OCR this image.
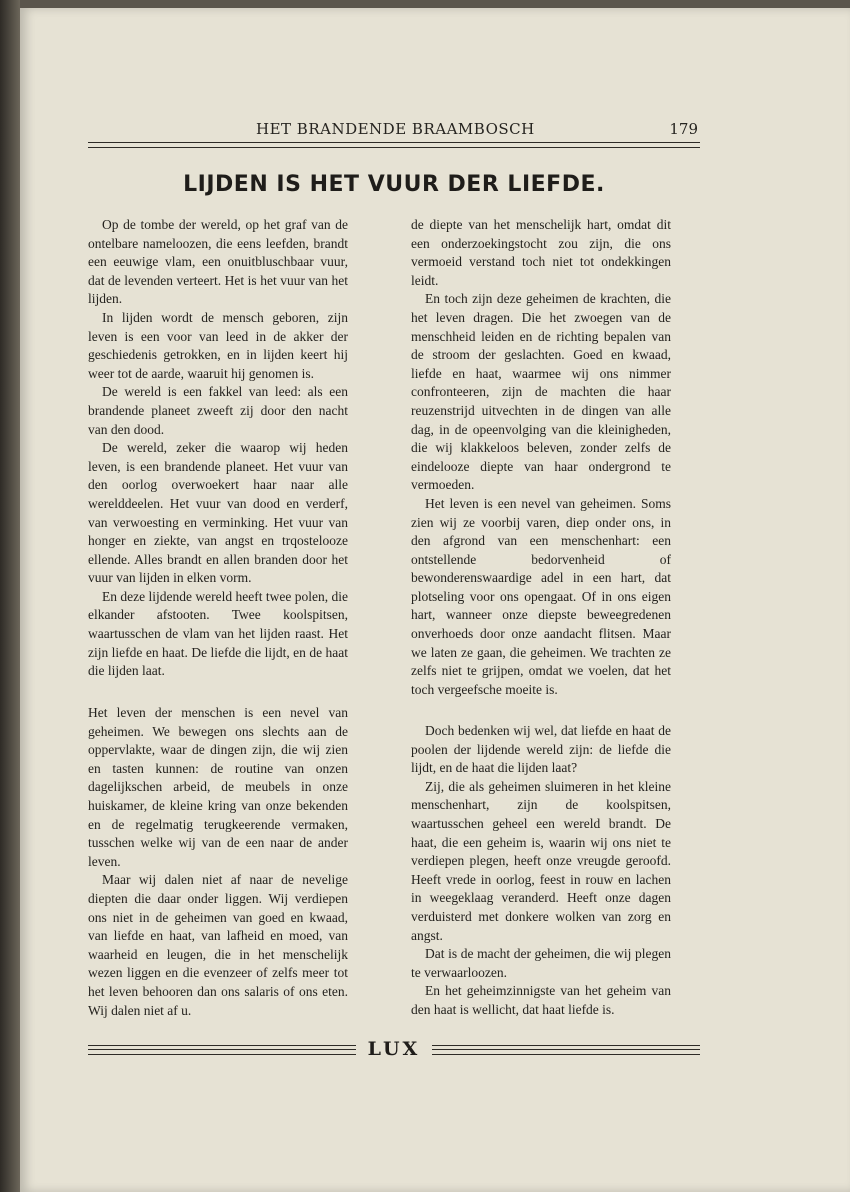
HET BRANDENDE BRAAMBOSCH	179
LIJDEN IS HET VUUR DER LIEFDE.

Op de tombe der wereld, op het graf van de ontelbare nameloozen, die eens leefden, brandt een eeuwige vlam, een onuitbluschbaar vuur, dat de levenden verteert. Het is het vuur van het lijden.

In lijden wordt de mensch geboren, zijn leven is een voor van leed in de akker der geschiedenis getrokken, en in lijden keert hij weer tot de aarde, waaruit hij genomen is.

De wereld is een fakkel van leed: als een brandende planeet zweeft zij door den nacht van den dood.

De wereld, zeker die waarop wij heden leven, is een brandende planeet. Het vuur van den oorlog overwoekert haar naar alle werelddeelen. Het vuur van dood en verderf, van verwoesting en verminking. Het vuur van honger en ziekte, van angst en trqostelooze ellende. Alles brandt en allen branden door het vuur van lijden in elken vorm.

En deze lijdende wereld heeft twee polen, die elkander afstooten. Twee koolspitsen, waartusschen de vlam van het lijden raast. Het zijn liefde en haat. De liefde die lijdt, en de haat die lijden laat.

Het leven der menschen is een nevel van geheimen. We bewegen ons slechts aan de oppervlakte, waar de dingen zijn, die wij zien en tasten kunnen: de routine van onzen dagelijkschen arbeid, de meubels in onze huiskamer, de kleine kring van onze bekenden en de regelmatig terugkeerende vermaken, tusschen welke wij van de een naar de ander leven.

Maar wij dalen niet af naar de nevelige diepten die daar onder liggen. Wij verdiepen ons niet in de geheimen van goed en kwaad, van liefde en haat, van lafheid en moed, van waarheid en leugen, die in het menschelijk wezen liggen en die evenzeer of zelfs meer tot het leven behooren dan ons salaris of ons eten. Wij dalen niet af u.

de diepte van het menschelijk hart, omdat dit een onderzoekingstocht zou zijn, die ons vermoeid verstand toch niet tot ondekkingen leidt.

En toch zijn deze geheimen de krachten, die het leven dragen. Die het zwoegen van de menschheid leiden en de richting bepalen van de stroom der geslachten. Goed en kwaad, liefde en haat, waarmee wij ons nimmer confronteeren, zijn de machten die haar reuzenstrijd uitvechten in de dingen van alle dag, in de opeenvolging van die kleinigheden, die wij klakkeloos beleven, zonder zelfs de eindelooze diepte van haar ondergrond te vermoeden.

Het leven is een nevel van geheimen. Soms zien wij ze voorbij varen, diep onder ons, in den afgrond van een menschenhart: een ontstellende bedorvenheid of bewonderenswaardige adel in een hart, dat plotseling voor ons opengaat. Of in ons eigen hart, wanneer onze diepste beweegredenen onverhoeds door onze aandacht flitsen. Maar we laten ze gaan, die geheimen. We trachten ze zelfs niet te grijpen, omdat we voelen, dat het toch vergeefsche moeite is.

Doch bedenken wij wel, dat liefde en haat de poolen der lijdende wereld zijn: de liefde die lijdt, en de haat die lijden laat?

Zij, die als geheimen sluimeren in het kleine menschenhart, zijn de koolspitsen, waartusschen geheel een wereld brandt. De haat, die een geheim is, waarin wij ons niet te verdiepen plegen, heeft onze vreugde geroofd. Heeft vrede in oorlog, feest in rouw en lachen in weegeklaag veranderd. Heeft onze dagen verduisterd met donkere wolken van zorg en angst.

Dat is de macht der geheimen, die wij plegen te verwaarloozen.

En het geheimzinnigste van het geheim van den haat is wellicht, dat haat liefde is.

LUX
